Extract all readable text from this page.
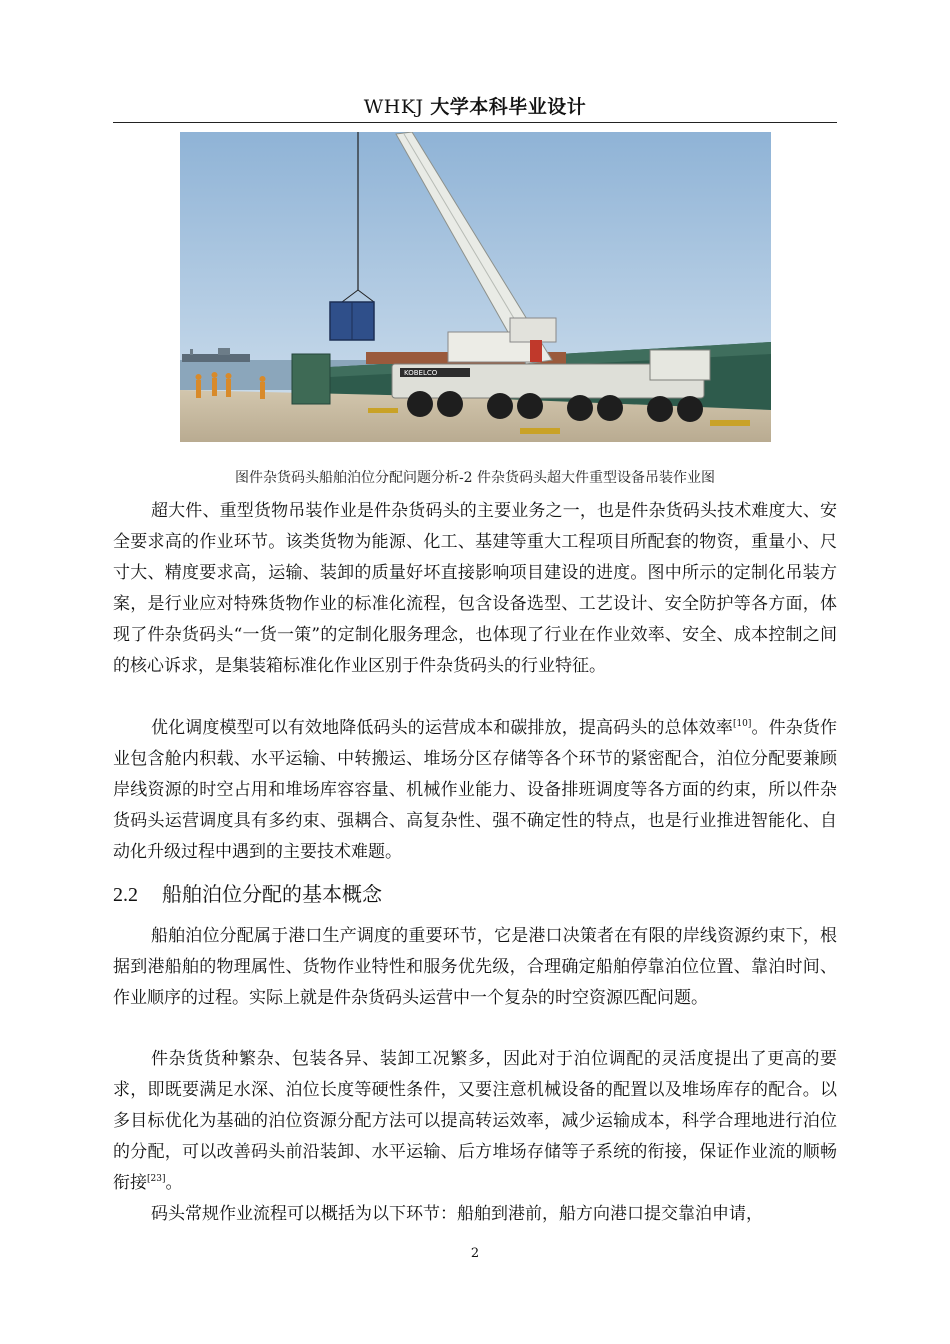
WHKJ 大学本科毕业设计
KOBELCO
图件杂货码头船舶泊位分配问题分析-2 件杂货码头超大件重型设备吊装作业图

超大件、重型货物吊装作业是件杂货码头的主要业务之一，也是件杂货码头技术难度大、安全要求高的作业环节。该类货物为能源、化工、基建等重大工程项目所配套的物资，重量小、尺寸大、精度要求高，运输、装卸的质量好坏直接影响项目建设的进度。图中所示的定制化吊装方案，是行业应对特殊货物作业的标准化流程，包含设备选型、工艺设计、安全防护等各方面，体现了件杂货码头“一货一策”的定制化服务理念，也体现了行业在作业效率、安全、成本控制之间的核心诉求，是集装箱标准化作业区别于件杂货码头的行业特征。

优化调度模型可以有效地降低码头的运营成本和碳排放，提高码头的总体效率[10]。件杂货作业包含舱内积载、水平运输、中转搬运、堆场分区存储等各个环节的紧密配合，泊位分配要兼顾岸线资源的时空占用和堆场库容容量、机械作业能力、设备排班调度等各方面的约束，所以件杂货码头运营调度具有多约束、强耦合、高复杂性、强不确定性的特点，也是行业推进智能化、自动化升级过程中遇到的主要技术难题。

2.2 船舶泊位分配的基本概念

船舶泊位分配属于港口生产调度的重要环节，它是港口决策者在有限的岸线资源约束下，根据到港船舶的物理属性、货物作业特性和服务优先级，合理确定船舶停靠泊位位置、靠泊时间、作业顺序的过程。实际上就是件杂货码头运营中一个复杂的时空资源匹配问题。

件杂货货种繁杂、包装各异、装卸工况繁多，因此对于泊位调配的灵活度提出了更高的要求，即既要满足水深、泊位长度等硬性条件，又要注意机械设备的配置以及堆场库存的配合。以多目标优化为基础的泊位资源分配方法可以提高转运效率，减少运输成本，科学合理地进行泊位的分配，可以改善码头前沿装卸、水平运输、后方堆场存储等子系统的衔接，保证作业流的顺畅衔接[23]。

码头常规作业流程可以概括为以下环节：船舶到港前，船方向港口提交靠泊申请，

2
